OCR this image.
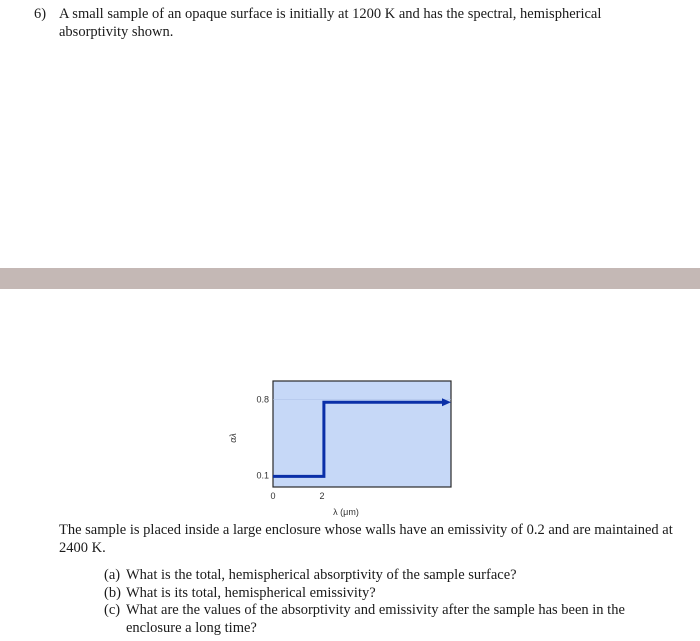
6) A small sample of an opaque surface is initially at 1200 K and has the spectral, hemispherical absorptivity shown.
0.8
0.1
0	2
αλ
λ (μm)
The sample is placed inside a large enclosure whose walls have an emissivity of 0.2 and are maintained at 2400 K.
(a) What is the total, hemispherical absorptivity of the sample surface?
(b) What is its total, hemispherical emissivity?
(c) What are the values of the absorptivity and emissivity after the sample has been in the enclosure a long time?
